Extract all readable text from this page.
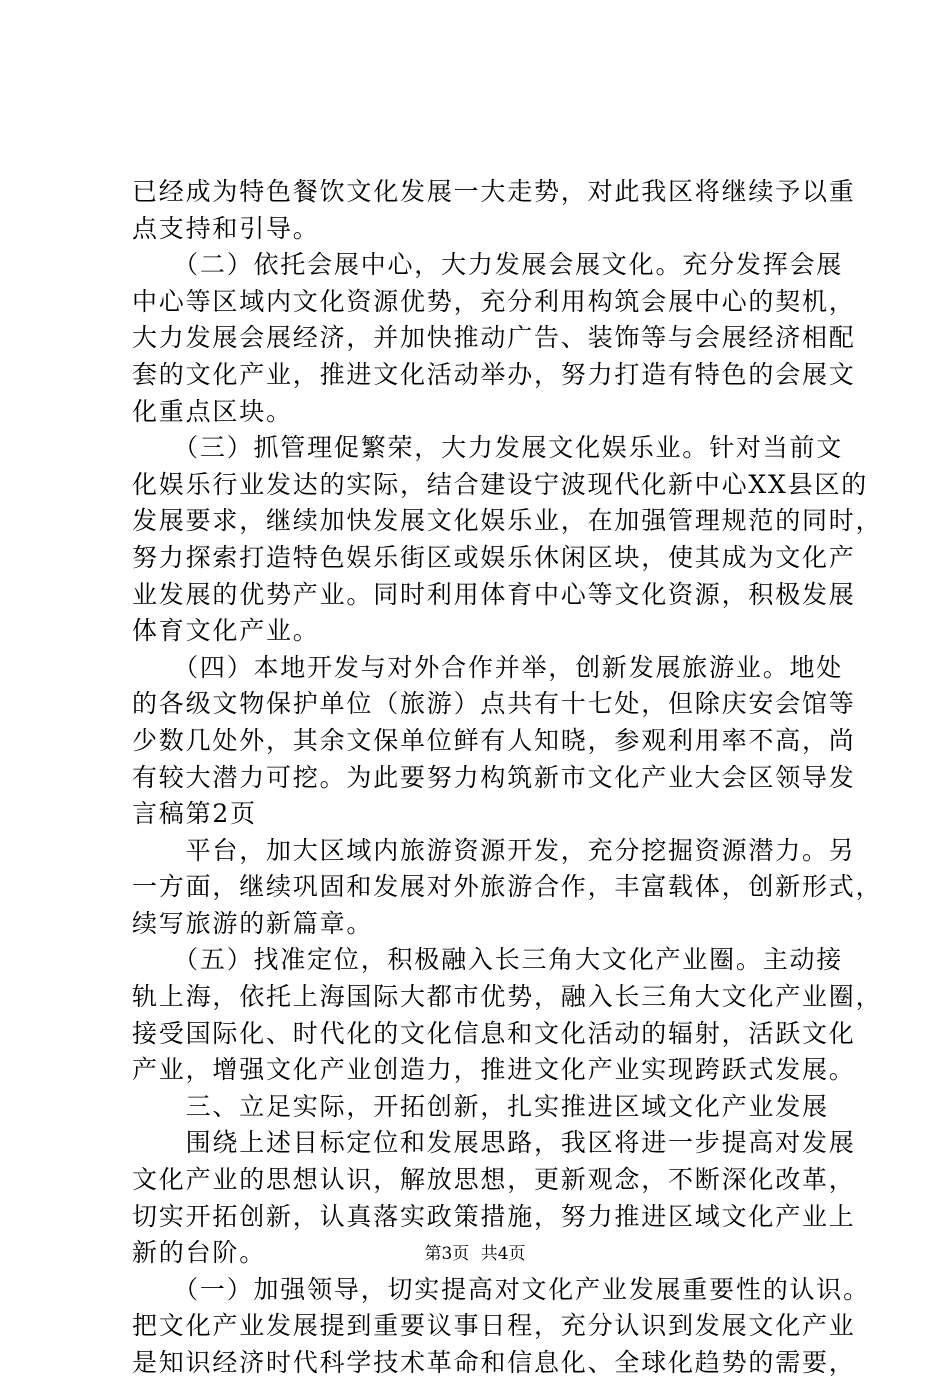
已经成为特色餐饮文化发展一大走势，对此我区将继续予以重
点支持和引导。
　　（二）依托会展中心，大力发展会展文化。充分发挥会展
中心等区域内文化资源优势，充分利用构筑会展中心的契机，
大力发展会展经济，并加快推动广告、装饰等与会展经济相配
套的文化产业，推进文化活动举办，努力打造有特色的会展文
化重点区块。
　　（三）抓管理促繁荣，大力发展文化娱乐业。针对当前文
化娱乐行业发达的实际，结合建设宁波现代化新中心XX县区的
发展要求，继续加快发展文化娱乐业，在加强管理规范的同时，
努力探索打造特色娱乐街区或娱乐休闲区块，使其成为文化产
业发展的优势产业。同时利用体育中心等文化资源，积极发展
体育文化产业。
　　（四）本地开发与对外合作并举，创新发展旅游业。地处
的各级文物保护单位（旅游）点共有十七处，但除庆安会馆等
少数几处外，其余文保单位鲜有人知晓，参观利用率不高，尚
有较大潜力可挖。为此要努力构筑新市文化产业大会区领导发
言稿第2页
　　平台，加大区域内旅游资源开发，充分挖掘资源潜力。另
一方面，继续巩固和发展对外旅游合作，丰富载体，创新形式，
续写旅游的新篇章。
　　（五）找准定位，积极融入长三角大文化产业圈。主动接
轨上海，依托上海国际大都市优势，融入长三角大文化产业圈，
接受国际化、时代化的文化信息和文化活动的辐射，活跃文化
产业，增强文化产业创造力，推进文化产业实现跨跃式发展。
　　三、立足实际，开拓创新，扎实推进区域文化产业发展
　　围绕上述目标定位和发展思路，我区将进一步提高对发展
文化产业的思想认识，解放思想，更新观念，不断深化改革，
切实开拓创新，认真落实政策措施，努力推进区域文化产业上
新的台阶。
　　（一）加强领导，切实提高对文化产业发展重要性的认识。
把文化产业发展提到重要议事日程，充分认识到发展文化产业
是知识经济时代科学技术革命和信息化、全球化趋势的需要，
第3页 共4页
